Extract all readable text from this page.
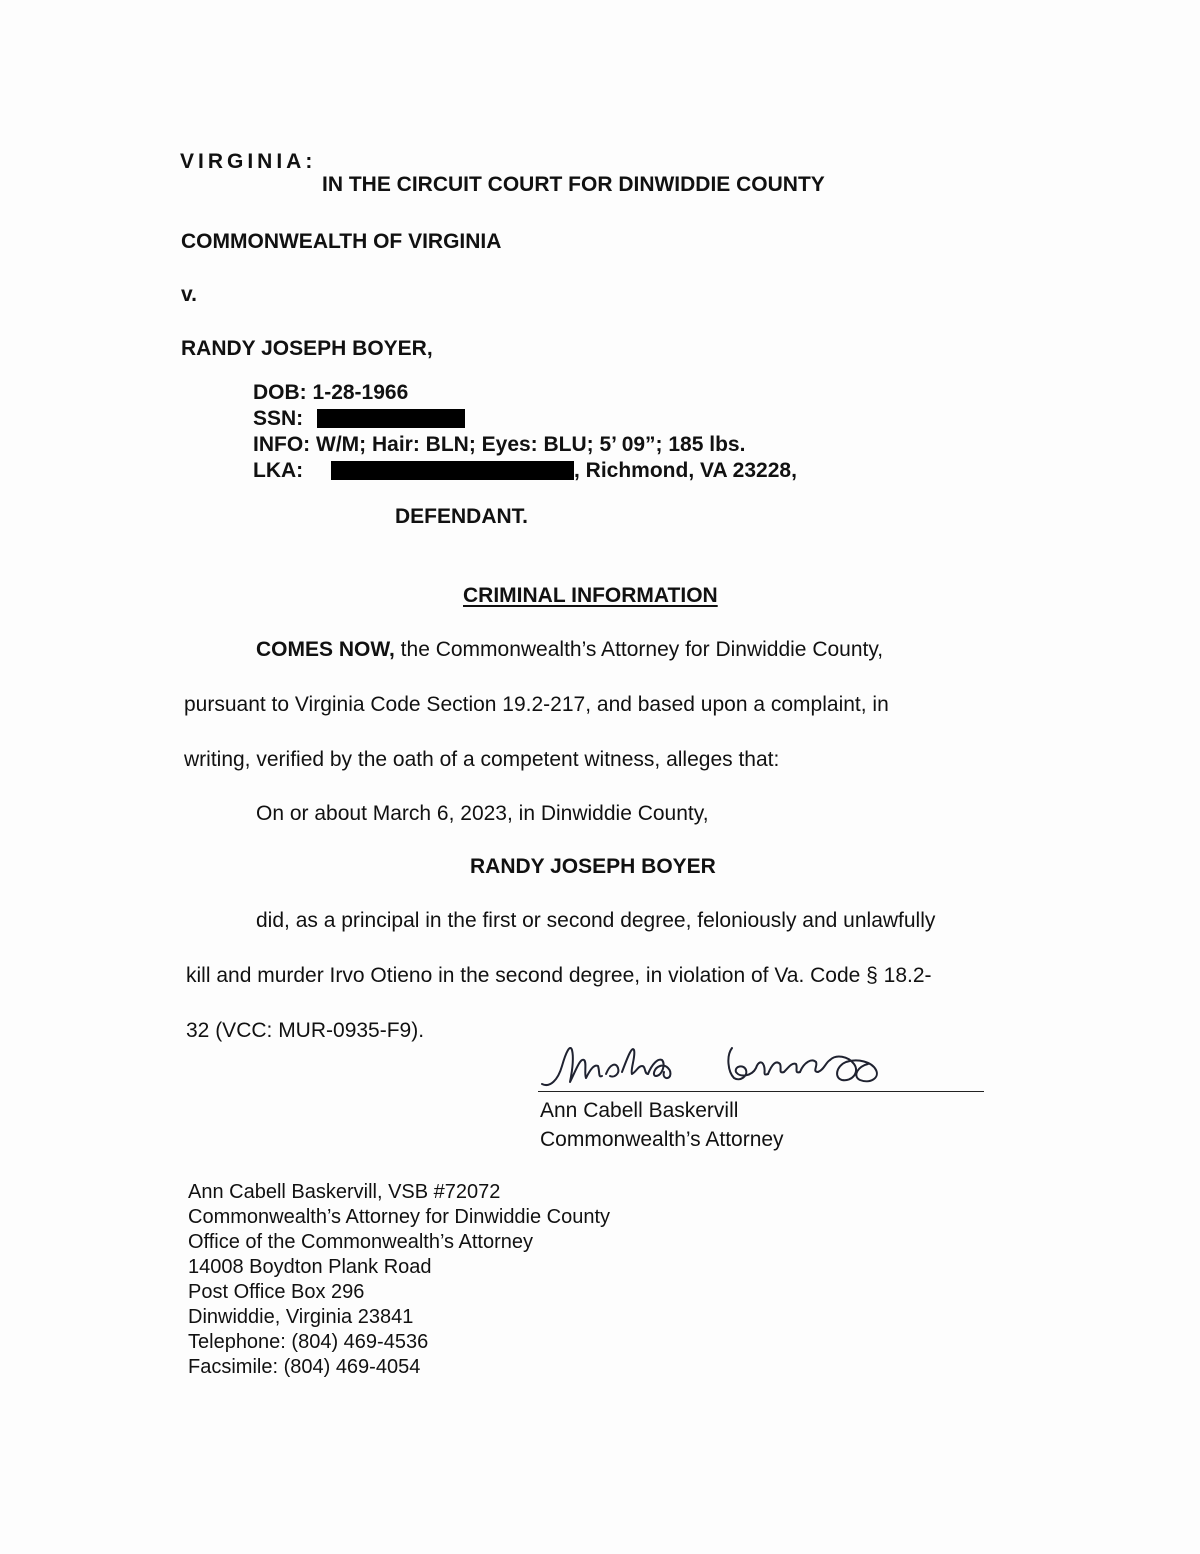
VIRGINIA:
IN THE CIRCUIT COURT FOR DINWIDDIE COUNTY
COMMONWEALTH OF VIRGINIA
v.
RANDY JOSEPH BOYER,
DOB: 1-28-1966
SSN:
INFO: W/M; Hair: BLN; Eyes: BLU; 5’ 09”; 185 lbs.
LKA:	, Richmond, VA 23228,
DEFENDANT.
CRIMINAL INFORMATION
COMES NOW, the Commonwealth’s Attorney for Dinwiddie County,
pursuant to Virginia Code Section 19.2-217, and based upon a complaint, in
writing, verified by the oath of a competent witness, alleges that:
On or about March 6, 2023, in Dinwiddie County,
RANDY JOSEPH BOYER
did, as a principal in the first or second degree, feloniously and unlawfully
kill and murder Irvo Otieno in the second degree, in violation of Va. Code § 18.2-
32 (VCC: MUR-0935-F9).
Ann Cabell Baskervill
Commonwealth’s Attorney
Ann Cabell Baskervill, VSB #72072
Commonwealth’s Attorney for Dinwiddie County
Office of the Commonwealth’s Attorney
14008 Boydton Plank Road
Post Office Box 296
Dinwiddie, Virginia 23841
Telephone: (804) 469-4536
Facsimile: (804) 469-4054
